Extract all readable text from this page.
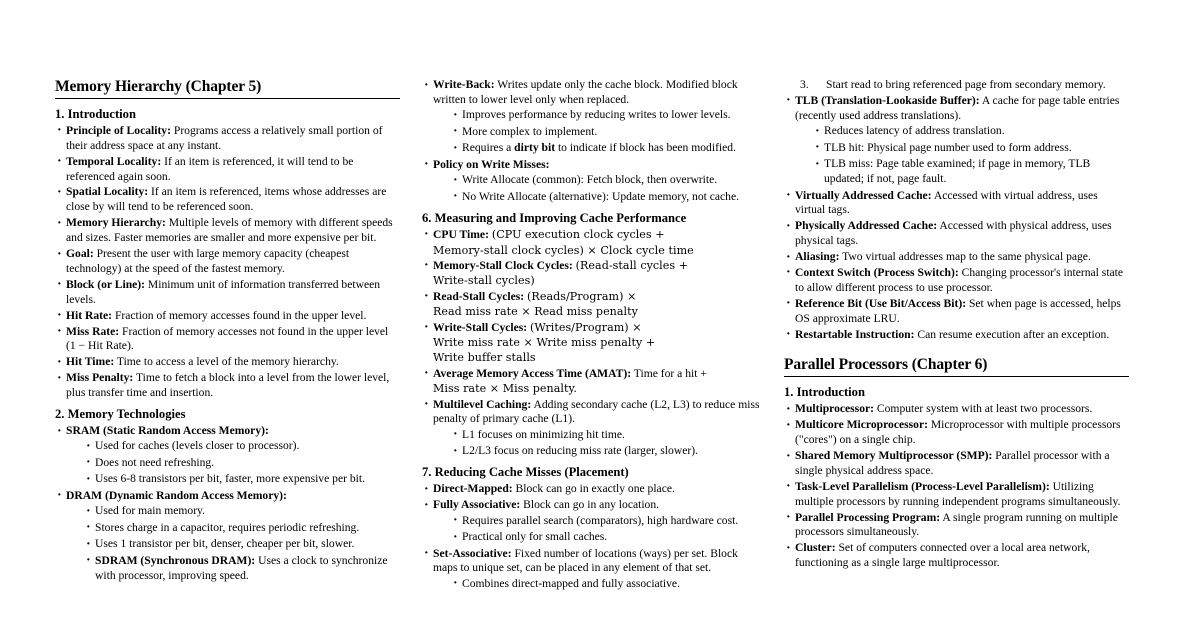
Memory Hierarchy (Chapter 5)
1. Introduction
· Principle of Locality: Programs access a relatively small portion of their address space at any instant.
· Temporal Locality: If an item is referenced, it will tend to be referenced again soon.
· Spatial Locality: If an item is referenced, items whose addresses are close by will tend to be referenced soon.
· Memory Hierarchy: Multiple levels of memory with different speeds and sizes. Faster memories are smaller and more expensive per bit.
· Goal: Present the user with large memory capacity (cheapest technology) at the speed of the fastest memory.
· Block (or Line): Minimum unit of information transferred between levels.
· Hit Rate: Fraction of memory accesses found in the upper level.
· Miss Rate: Fraction of memory accesses not found in the upper level (1 − Hit Rate).
· Hit Time: Time to access a level of the memory hierarchy.
· Miss Penalty: Time to fetch a block into a level from the lower level, plus transfer time and insertion.
2. Memory Technologies
· SRAM (Static Random Access Memory):
· Used for caches (levels closer to processor).
· Does not need refreshing.
· Uses 6-8 transistors per bit, faster, more expensive per bit.
· DRAM (Dynamic Random Access Memory):
· Used for main memory.
· Stores charge in a capacitor, requires periodic refreshing.
· Uses 1 transistor per bit, denser, cheaper per bit, slower.
· SDRAM (Synchronous DRAM): Uses a clock to synchronize with processor, improving speed.
· Write-Back: Writes update only the cache block. Modified block written to lower level only when replaced.
· Improves performance by reducing writes to lower levels.
· More complex to implement.
· Requires a dirty bit to indicate if block has been modified.
· Policy on Write Misses:
· Write Allocate (common): Fetch block, then overwrite.
· No Write Allocate (alternative): Update memory, not cache.
6. Measuring and Improving Cache Performance
· CPU Time: (CPU execution clock cycles +
Memory-stall clock cycles) × Clock cycle time
· Memory-Stall Clock Cycles: (Read-stall cycles +
Write-stall cycles)
· Read-Stall Cycles: (Reads/Program) ×
Read miss rate × Read miss penalty
· Write-Stall Cycles: (Writes/Program) ×
Write miss rate × Write miss penalty +
Write buffer stalls
· Average Memory Access Time (AMAT): Time for a hit +
Miss rate × Miss penalty.
· Multilevel Caching: Adding secondary cache (L2, L3) to reduce miss penalty of primary cache (L1).
· L1 focuses on minimizing hit time.
· L2/L3 focus on reducing miss rate (larger, slower).
7. Reducing Cache Misses (Placement)
· Direct-Mapped: Block can go in exactly one place.
· Fully Associative: Block can go in any location.
· Requires parallel search (comparators), high hardware cost.
· Practical only for small caches.
· Set-Associative: Fixed number of locations (ways) per set. Block maps to unique set, can be placed in any element of that set.
· Combines direct-mapped and fully associative.
3. Start read to bring referenced page from secondary memory.
· TLB (Translation-Lookaside Buffer): A cache for page table entries (recently used address translations).
· Reduces latency of address translation.
· TLB hit: Physical page number used to form address.
· TLB miss: Page table examined; if page in memory, TLB updated; if not, page fault.
· Virtually Addressed Cache: Accessed with virtual address, uses virtual tags.
· Physically Addressed Cache: Accessed with physical address, uses physical tags.
· Aliasing: Two virtual addresses map to the same physical page.
· Context Switch (Process Switch): Changing processor's internal state to allow different process to use processor.
· Reference Bit (Use Bit/Access Bit): Set when page is accessed, helps OS approximate LRU.
· Restartable Instruction: Can resume execution after an exception.
Parallel Processors (Chapter 6)
1. Introduction
· Multiprocessor: Computer system with at least two processors.
· Multicore Microprocessor: Microprocessor with multiple processors ("cores") on a single chip.
· Shared Memory Multiprocessor (SMP): Parallel processor with a single physical address space.
· Task-Level Parallelism (Process-Level Parallelism): Utilizing multiple processors by running independent programs simultaneously.
· Parallel Processing Program: A single program running on multiple processors simultaneously.
· Cluster: Set of computers connected over a local area network, functioning as a single large multiprocessor.
